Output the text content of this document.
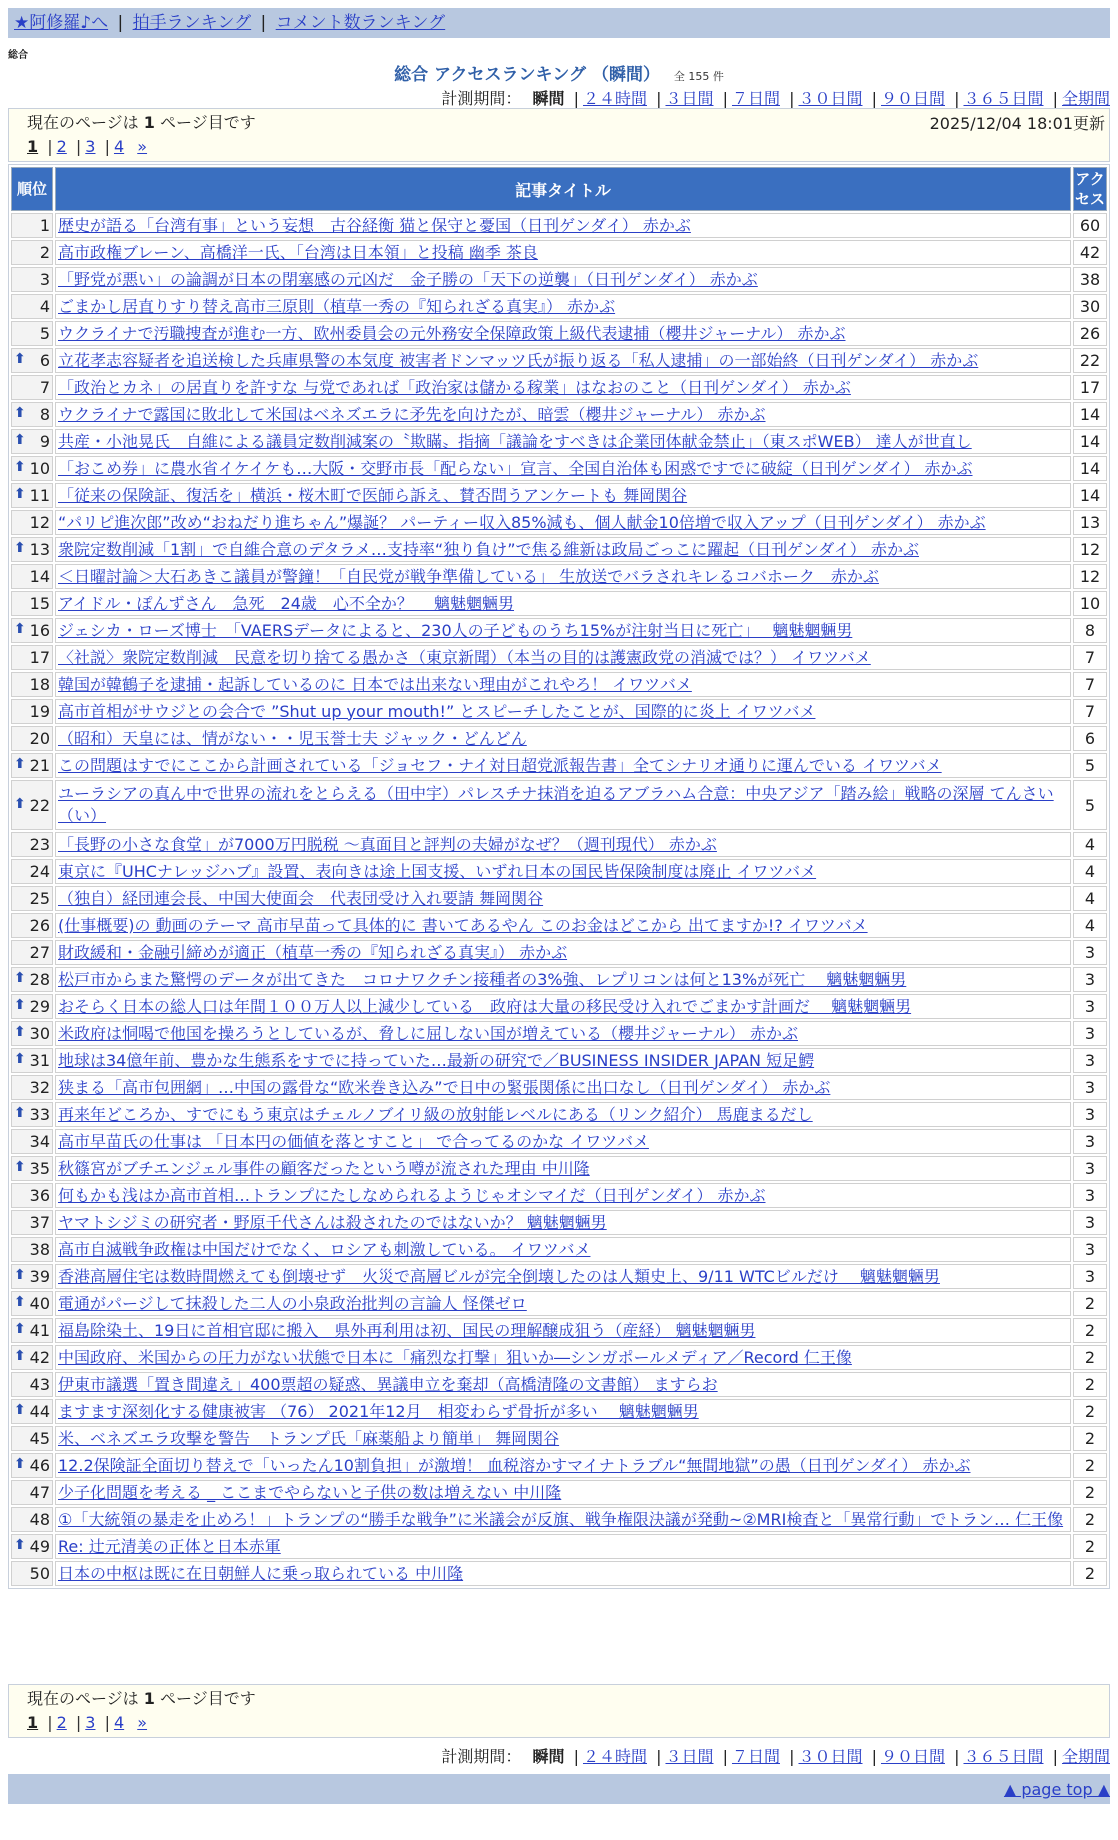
★阿修羅♪へ | 拍手ランキング | コメント数ランキング
総合
総合 アクセスランキング （瞬間） 全 155 件
計測期間： 瞬間 | ２４時間 | ３日間 | ７日間 | ３０日間 | ９０日間 | ３６５日間 | 全期間
現在のページは 1 ページ目です	2025/12/04 18:01更新
1 | 2 | 3 | 4 »
順位	記事タイトル	アクセス
1	歴史が語る「台湾有事」という妄想　古谷経衡 猫と保守と憂国（日刊ゲンダイ） 赤かぶ	60
2	高市政権ブレーン、高橋洋一氏、「台湾は日本領」と投稿 幽季 茶良	42
3	「野党が悪い」の論調が日本の閉塞感の元凶だ　金子勝の「天下の逆襲」（日刊ゲンダイ） 赤かぶ	38
4	ごまかし居直りすり替え高市三原則（植草一秀の『知られざる真実』） 赤かぶ	30
5	ウクライナで汚職捜査が進む一方、欧州委員会の元外務安全保障政策上級代表逮捕（櫻井ジャーナル） 赤かぶ	26

⬆ 6	立花孝志容疑者を追送検した兵庫県警の本気度 被害者ドンマッツ氏が振り返る「私人逮捕」の一部始終（日刊ゲンダイ） 赤かぶ	22
7	「政治とカネ」の居直りを許すな 与党であれば「政治家は儲かる稼業」はなおのこと（日刊ゲンダイ） 赤かぶ	17

⬆ 8	ウクライナで露国に敗北して米国はベネズエラに矛先を向けたが、暗雲（櫻井ジャーナル） 赤かぶ	14

⬆ 9	共産・小池晃氏　自維による議員定数削減案の〝欺瞞〟指摘「議論をすべきは企業団体献金禁止」（東スポWEB） 達人が世直し	14

⬆ 10	「おこめ券」に農水省イケイケも…大阪・交野市長「配らない」宣言、全国自治体も困惑ですでに破綻（日刊ゲンダイ） 赤かぶ	14

⬆ 11	「従来の保険証、復活を」横浜・桜木町で医師ら訴え、賛否問うアンケートも 舞岡関谷	14
12	“パリピ進次郎”改め“おねだり進ちゃん”爆誕？ パーティー収入85%減も、個人献金10倍増で収入アップ（日刊ゲンダイ） 赤かぶ	13

⬆ 13	衆院定数削減「1割」で自維合意のデタラメ…支持率“独り負け”で焦る維新は政局ごっこに躍起（日刊ゲンダイ） 赤かぶ	12
14	＜日曜討論＞大石あきこ議員が警鐘！「自民党が戦争準備している」 生放送でバラされキレるコバホーク　赤かぶ	12
15	アイドル・ぽんずさん　急死　24歳　心不全か？　 魑魅魍魎男	10

⬆ 16	ジェシカ・ローズ博士　「VAERSデータによると、230人の子どものうち15%が注射当日に死亡」　 魑魅魍魎男	8
17	〈社説〉衆院定数削減　民意を切り捨てる愚かさ（東京新聞）（本当の目的は護憲政党の消滅では？） イワツバメ	7
18	韓国が韓鶴子を逮捕・起訴しているのに 日本では出来ない理由がこれやろ！ イワツバメ	7
19	高市首相がサウジとの会合で ”Shut up your mouth!” とスピーチしたことが、国際的に炎上 イワツバメ	7
20	（昭和）天皇には、情がない・・児玉誉士夫 ジャック・どんどん	6

⬆ 21	この問題はすでにここから計画されている「ジョセフ・ナイ対日超党派報告書」全てシナリオ通りに運んでいる イワツバメ	5

⬆ 22	ユーラシアの真ん中で世界の流れをとらえる（田中宇）パレスチナ抹消を迫るアブラハム合意：中央アジア「踏み絵」戦略の深層 てんさい（い）	5
23	「長野の小さな食堂」が7000万円脱税 ～真面目と評判の夫婦がなぜ？（週刊現代） 赤かぶ	4
24	東京に『UHCナレッジハブ』設置、表向きは途上国支援、いずれ日本の国民皆保険制度は廃止 イワツバメ	4
25	（独自）経団連会長、中国大使面会　代表団受け入れ要請 舞岡関谷	4
26	(仕事概要)の 動画のテーマ 高市早苗って具体的に 書いてあるやん このお金はどこから 出てますか!? イワツバメ	4
27	財政緩和・金融引締めが適正（植草一秀の『知られざる真実』） 赤かぶ	3

⬆ 28	松戸市からまた驚愕のデータが出てきた　コロナワクチン接種者の3%強、レプリコンは何と13%が死亡　 魑魅魍魎男	3

⬆ 29	おそらく日本の総人口は年間１００万人以上減少している　政府は大量の移民受け入れでごまかす計画だ　 魑魅魍魎男	3

⬆ 30	米政府は恫喝で他国を操ろうとしているが、脅しに屈しない国が増えている（櫻井ジャーナル） 赤かぶ	3

⬆ 31	地球は34億年前、豊かな生態系をすでに持っていた…最新の研究で／BUSINESS INSIDER JAPAN 短足鰐	3
32	狭まる「高市包囲網」…中国の露骨な“欧米巻き込み”で日中の緊張関係に出口なし（日刊ゲンダイ） 赤かぶ	3

⬆ 33	再来年どころか、すでにもう東京はチェルノブイリ級の放射能レベルにある（リンク紹介） 馬鹿まるだし	3
34	高市早苗氏の仕事は 「日本円の価値を落とすこと」 で合ってるのかな イワツバメ	3

⬆ 35	秋篠宮がブチエンジェル事件の顧客だったという噂が流された理由 中川隆	3
36	何もかも浅はか高市首相…トランプにたしなめられるようじゃオシマイだ（日刊ゲンダイ） 赤かぶ	3
37	ヤマトシジミの研究者・野原千代さんは殺されたのではないか？ 魑魅魍魎男	3
38	高市自滅戦争政権は中国だけでなく、ロシアも刺激している。 イワツバメ	3

⬆ 39	香港高層住宅は数時間燃えても倒壊せず　火災で高層ビルが完全倒壊したのは人類史上、9/11 WTCビルだけ　 魑魅魍魎男	3

⬆ 40	電通がパージして抹殺した二人の小泉政治批判の言論人 怪傑ゼロ	2

⬆ 41	福島除染土、19日に首相官邸に搬入　県外再利用は初、国民の理解醸成狙う（産経） 魑魅魍魎男	2

⬆ 42	中国政府、米国からの圧力がない状態で日本に「痛烈な打撃」狙いか―シンガポールメディア／Record 仁王像	2
43	伊東市議選「置き間違え」400票超の疑惑、異議申立を棄却（高橋清隆の文書館） ますらお	2

⬆ 44	ますます深刻化する健康被害 （76） 2021年12月　相変わらず骨折が多い　 魑魅魍魎男	2
45	米、ベネズエラ攻撃を警告　トランプ氏「麻薬船より簡単」 舞岡関谷	2

⬆ 46	12.2保険証全面切り替えで「いったん10割負担」が激増！ 血税溶かすマイナトラブル“無間地獄”の愚（日刊ゲンダイ） 赤かぶ	2
47	少子化問題を考える _ ここまでやらないと子供の数は増えない 中川隆	2
48	①「大統領の暴走を止めろ！」トランプの“勝手な戦争”に米議会が反旗、戦争権限決議が発動~②MRI検査と「異常行動」でトラン… 仁王像	2

⬆ 49	Re: 辻元清美の正体と日本赤軍	2
50	日本の中枢は既に在日朝鮮人に乗っ取られている 中川隆	2
現在のページは 1 ページ目です
1 | 2 | 3 | 4 »
計測期間： 瞬間 | ２４時間 | ３日間 | ７日間 | ３０日間 | ９０日間 | ３６５日間 | 全期間
▲ page top ▲
